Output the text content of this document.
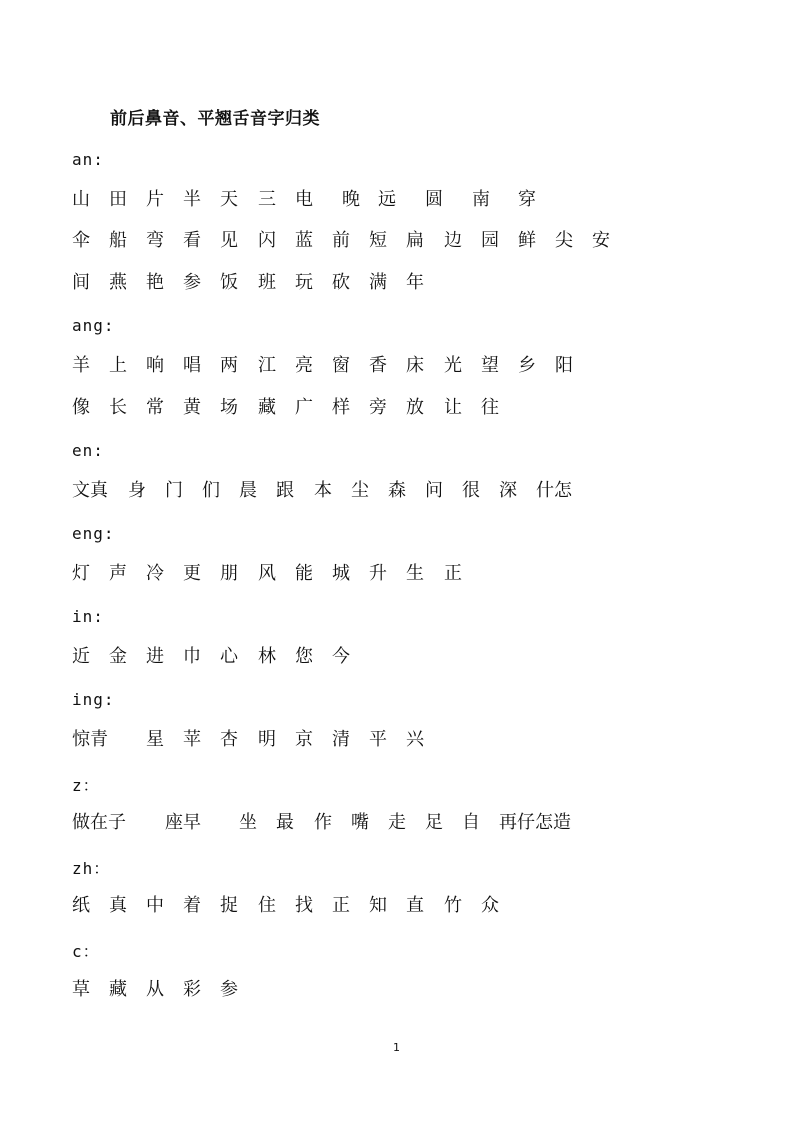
前后鼻音、平翘舌音字归类
an:
山 田 片 半 天 三 电 晚 远 圆 南 穿
伞 船 弯 看 见 闪 蓝 前 短 扁 边 园 鲜 尖 安
间 燕 艳 参 饭 班 玩 砍 满 年
ang:
羊 上 响 唱 两 江 亮 窗 香 床 光 望 乡 阳
像 长 常 黄 场 藏 广 样 旁 放 让 往
en:
文真 身 门 们 晨 跟 本 尘 森 问 很 深 什怎
eng:
灯 声 冷 更 朋 风 能 城 升 生 正
in:
近 金 进 巾 心 林 您 今
ing:
惊青 星 苹 杏 明 京 清 平 兴
z：
做在子 座早 坐 最 作 嘴 走 足 自 再仔怎造
zh：
纸 真 中 着 捉 住 找 正 知 直 竹 众
c：
草 藏 从 彩 参
1
